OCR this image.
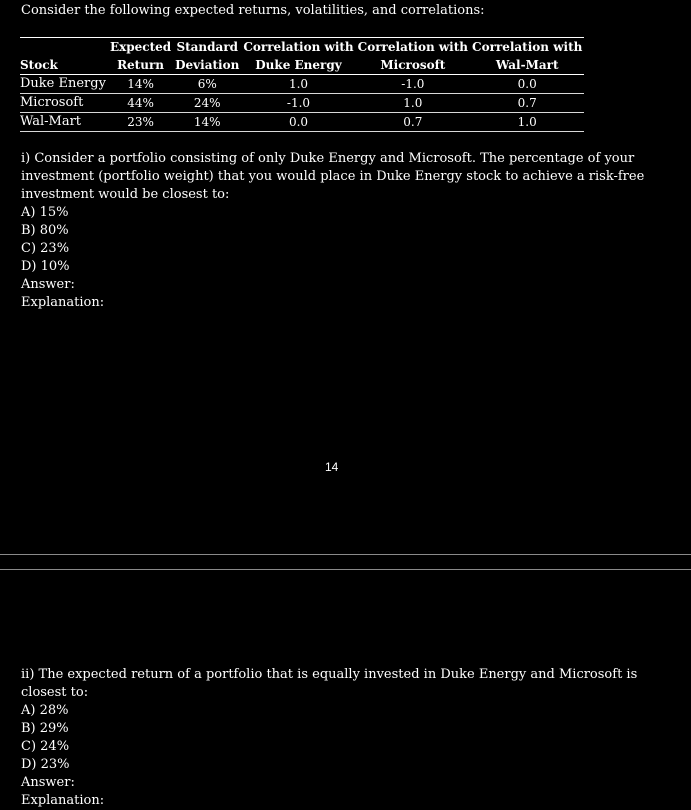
Consider the following expected returns, volatilities, and correlations:
	Expected	Standard	Correlation with	Correlation with	Correlation with
Stock	Return	Deviation	Duke Energy	Microsoft	Wal-Mart
Duke Energy	14%	6%	1.0	-1.0	0.0
Microsoft	44%	24%	-1.0	1.0	0.7
Wal-Mart	23%	14%	0.0	0.7	1.0
i) Consider a portfolio consisting of only Duke Energy and Microsoft. The percentage of your investment (portfolio weight) that you would place in Duke Energy stock to achieve a risk-free investment would be closest to:
A) 15%
B) 80%
C) 23%
D) 10%
Answer:
Explanation:
14
ii) The expected return of a portfolio that is equally invested in Duke Energy and Microsoft is closest to:
A) 28%
B) 29%
C) 24%
D) 23%
Answer:
Explanation:
